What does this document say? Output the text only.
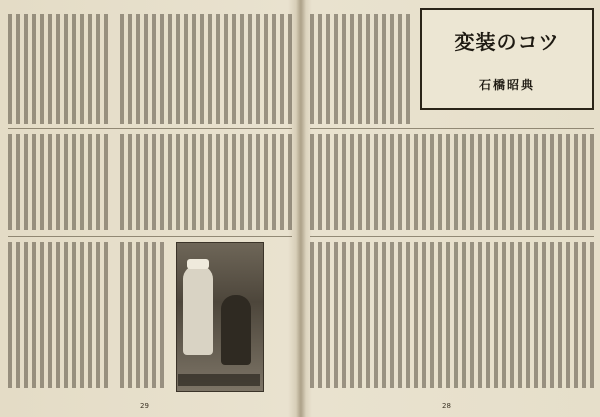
29
変装のコツ
石橋昭典
28
